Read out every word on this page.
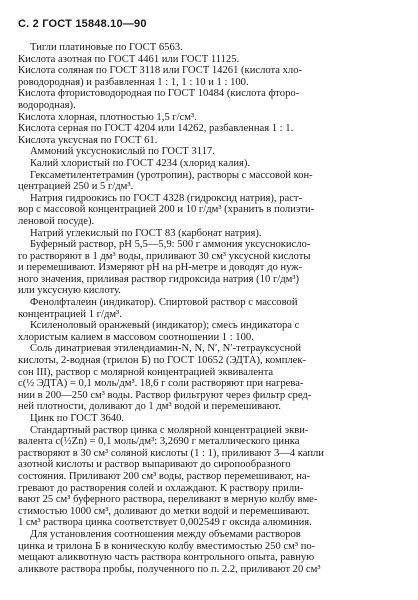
С. 2 ГОСТ 15848.10—90
Тигли платиновые по ГОСТ 6563.
Кислота азотная по ГОСТ 4461 или ГОСТ 11125.
Кислота соляная по ГОСТ 3118 или ГОСТ 14261 (кислота хло-
роводородная) и разбавленная 1 : 1, 1 : 10 и 1 : 100.
Кислота фтористоводородная по ГОСТ 10484 (кислота фторо-
водородная).
Кислота хлорная, плотностью 1,5 г/см³.
Кислота серная по ГОСТ 4204 или 14262, разбавленная 1 : 1.
Кислота уксусная по ГОСТ 61.
Аммоний уксуснокислый по ГОСТ 3117.
Калий хлористый по ГОСТ 4234 (хлорид калия).
Гексаметилентетрамин (уротропин), растворы с массовой кон-
центрацией 250 и 5 г/дм³.
Натрия гидроокись по ГОСТ 4328 (гидроксид натрия), раст-
вор с массовой концентрацией 200 и 10 г/дм³ (хранить в полиэти-
леновой посуде).
Натрий углекислый по ГОСТ 83 (карбонат натрия).
Буферный раствор, pH 5,5—5,9: 500 г аммония уксуснокисло-
го растворяют в 1 дм³ воды, приливают 30 см³ уксусной кислоты
и перемешивают. Измеряют pH на pH-метре и доводят до нуж-
ного значения, приливая раствор гидроксида натрия (10 г/дм³)
или уксусную кислоту.
Фенолфталеин (индикатор). Спиртовой раствор с массовой
концентрацией 1 г/дм³.
Ксиленоловый оранжевый (индикатор); смесь индикатора с
хлористым калием в массовом соотношении 1 : 100.
Соль динатриевая этилендиамин-N, N, N′, N′-тетрауксусной
кислоты, 2-водная (трилон Б) по ГОСТ 10652 (ЭДТА), комплек-
сон III), раствор с молярной концентрацией эквивалента
c(½ ЭДТА) = 0,1 моль/дм³. 18,6 г соли растворяют при нагрева-
нии в 200—250 см³ воды. Раствор фильтруют через фильтр сред-
ней плотности, доливают до 1 дм³ водой и перемешивают.
Цинк по ГОСТ 3640.
Стандартный раствор цинка с молярной концентрацией экви-
валента c(½Zn) = 0,1 моль/дм³: 3,2690 г металлического цинка
растворяют в 30 см³ соляной кислоты (1 : 1), приливают 3—4 капли
азотной кислоты и раствор выпаривают до сиропообразного
состояния. Приливают 200 см³ воды, раствор перемешивают, на-
гревают до растворения солей и охлаждают. К раствору прили-
вают 25 см³ буферного раствора, переливают в мерную колбу вме-
стимостью 1000 см³, доливают до метки водой и перемешивают.
1 см³ раствора цинка соответствует 0,002549 г оксида алюминия.
Для установления соотношения между объемами растворов
цинка и трилона Б в коническую колбу вместимостью 250 см³ по-
мещают аликвотную часть раствора контрольного опыта, равную
аликвоте раствора пробы, полученного по п. 2.2, приливают 20 см³
